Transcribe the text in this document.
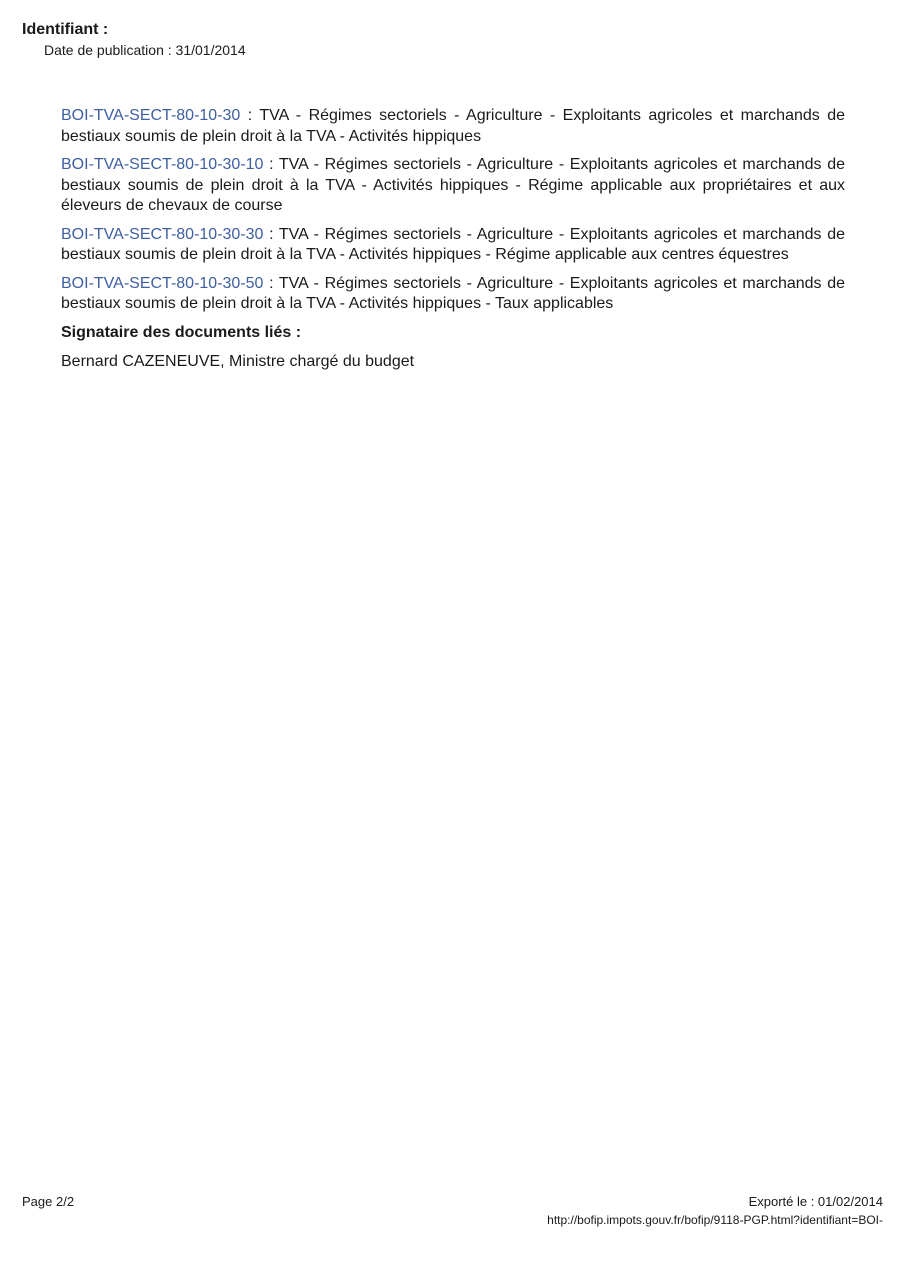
Identifiant :
Date de publication : 31/01/2014

BOI-TVA-SECT-80-10-30 : TVA - Régimes sectoriels - Agriculture - Exploitants agricoles et marchands de bestiaux soumis de plein droit à la TVA - Activités hippiques

BOI-TVA-SECT-80-10-30-10 : TVA - Régimes sectoriels - Agriculture - Exploitants agricoles et marchands de bestiaux soumis de plein droit à la TVA - Activités hippiques - Régime applicable aux propriétaires et aux éleveurs de chevaux de course

BOI-TVA-SECT-80-10-30-30 : TVA - Régimes sectoriels - Agriculture - Exploitants agricoles et marchands de bestiaux soumis de plein droit à la TVA - Activités hippiques - Régime applicable aux centres équestres

BOI-TVA-SECT-80-10-30-50 : TVA - Régimes sectoriels - Agriculture - Exploitants agricoles et marchands de bestiaux soumis de plein droit à la TVA - Activités hippiques - Taux applicables

Signataire des documents liés :

Bernard CAZENEUVE, Ministre chargé du budget

Page 2/2	Exporté le : 01/02/2014
http://bofip.impots.gouv.fr/bofip/9118-PGP.html?identifiant=BOI-
